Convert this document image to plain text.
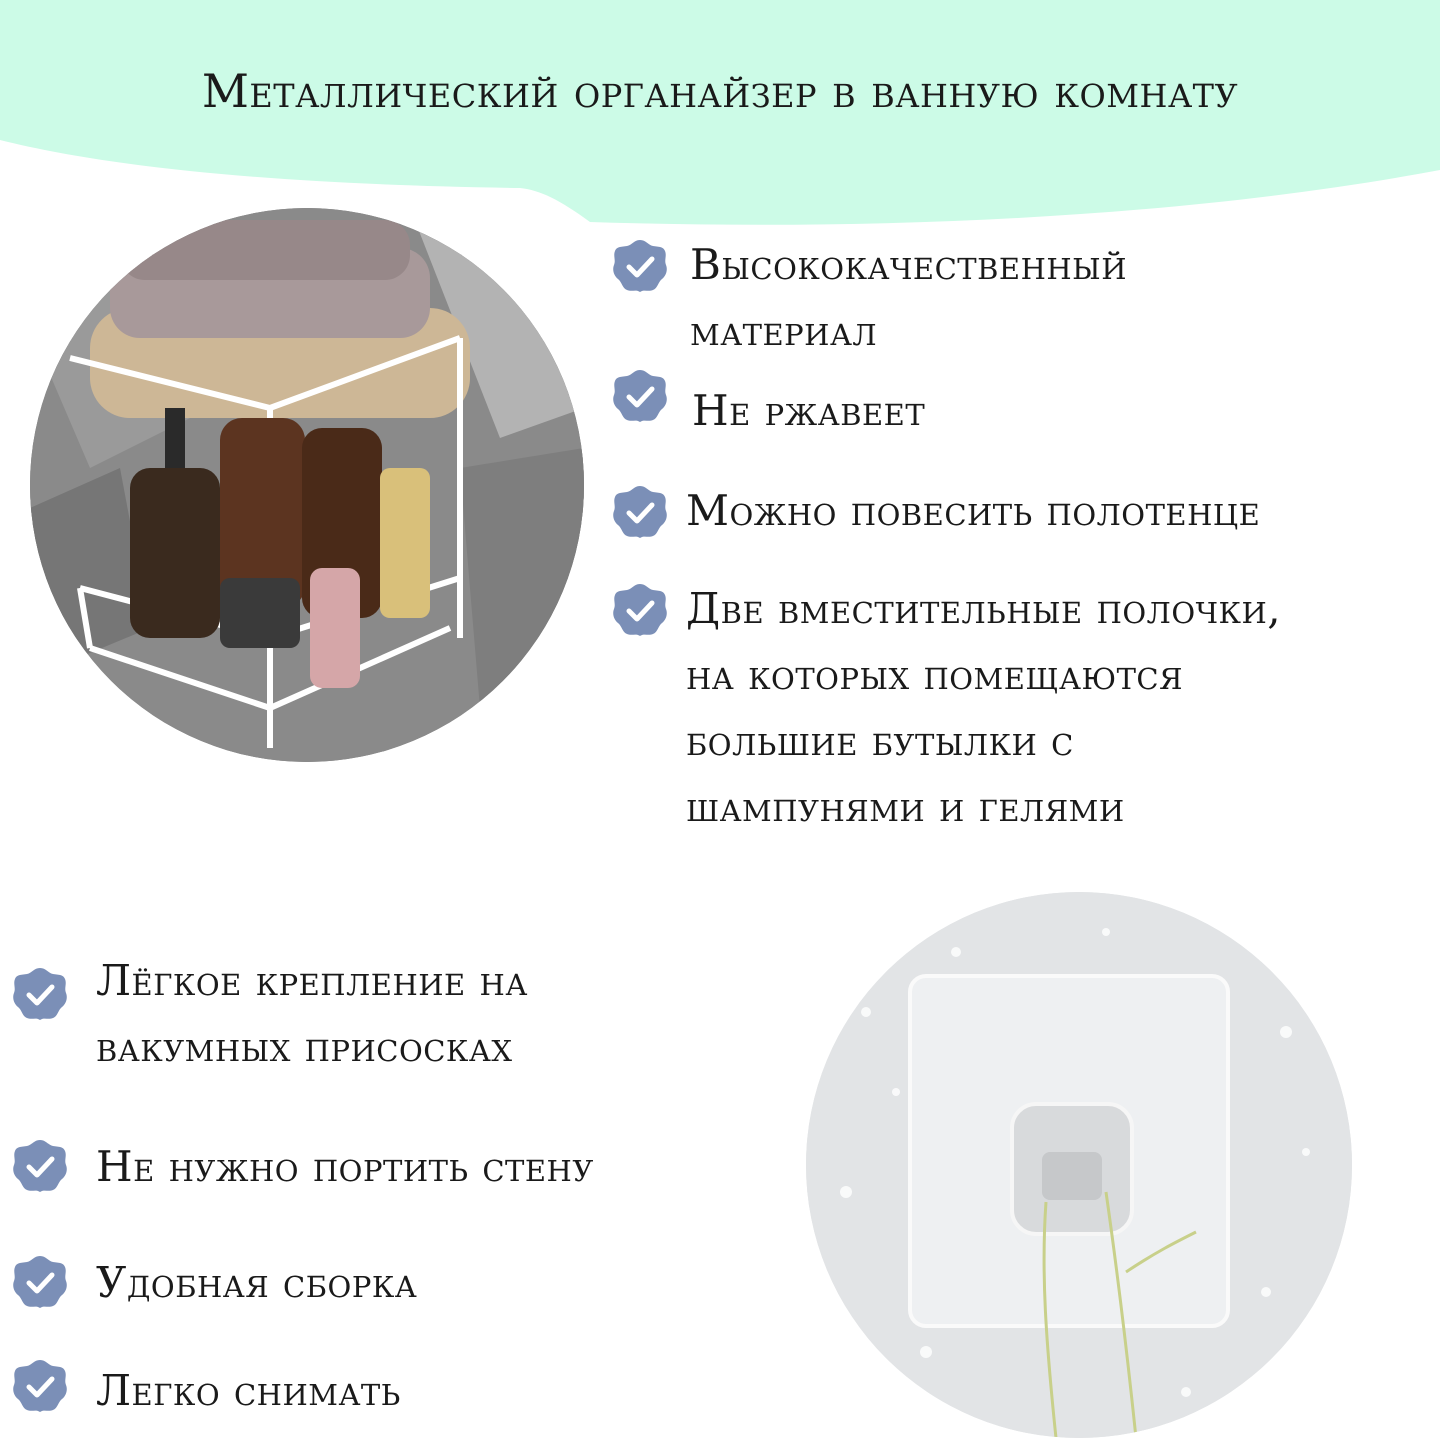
Металлический органайзер в ванную комнату
Высококачественный
материал
Не ржавеет
Можно повесить полотенце
Две вместительные полочки,
на которых помещаются
большие бутылки с
шампунями и гелями
Лёгкое крепление на
вакумных присосках
Не нужно портить стену
Удобная сборка
Легко снимать
